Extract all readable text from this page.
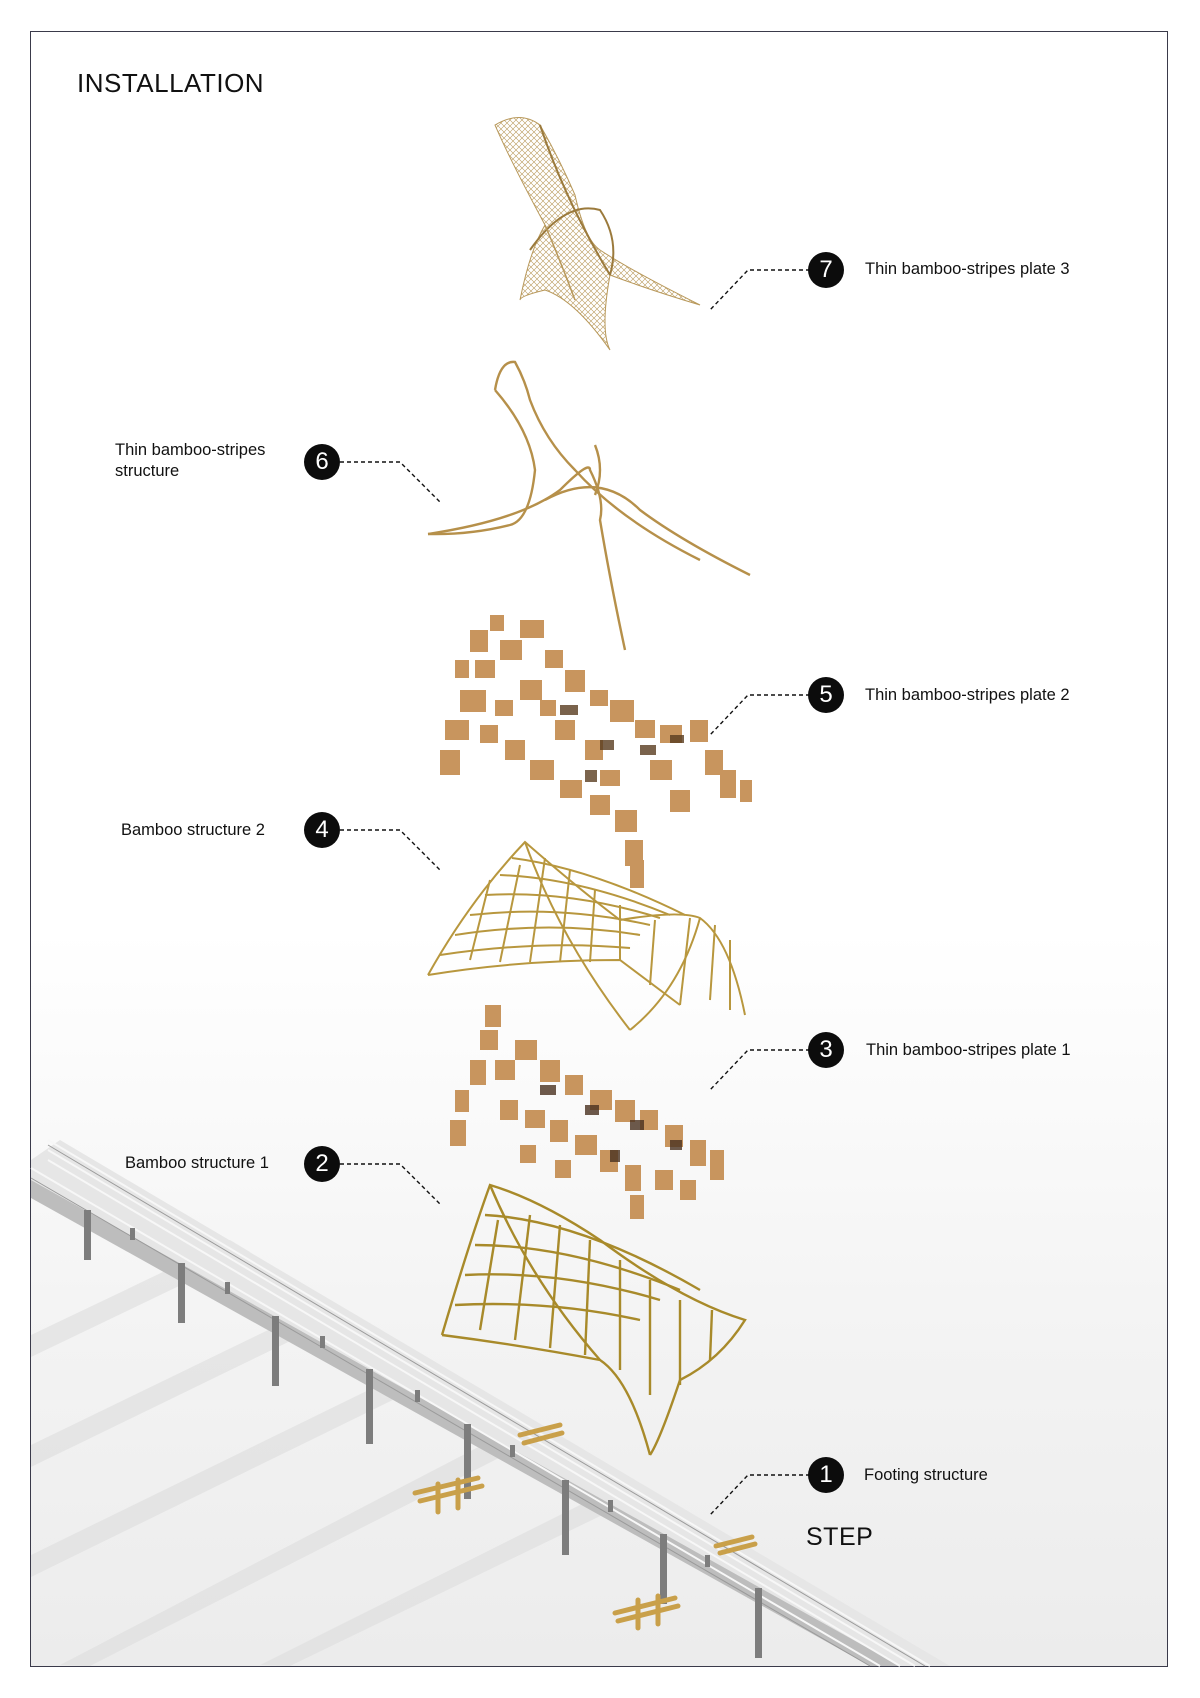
INSTALLATION
7	Thin bamboo-stripes plate 3
6
Thin bamboo-stripes
structure
5	Thin bamboo-stripes plate 2
4
Bamboo structure 2
3	Thin bamboo-stripes plate 1
2
Bamboo structure 1
1	Footing structure
STEP
